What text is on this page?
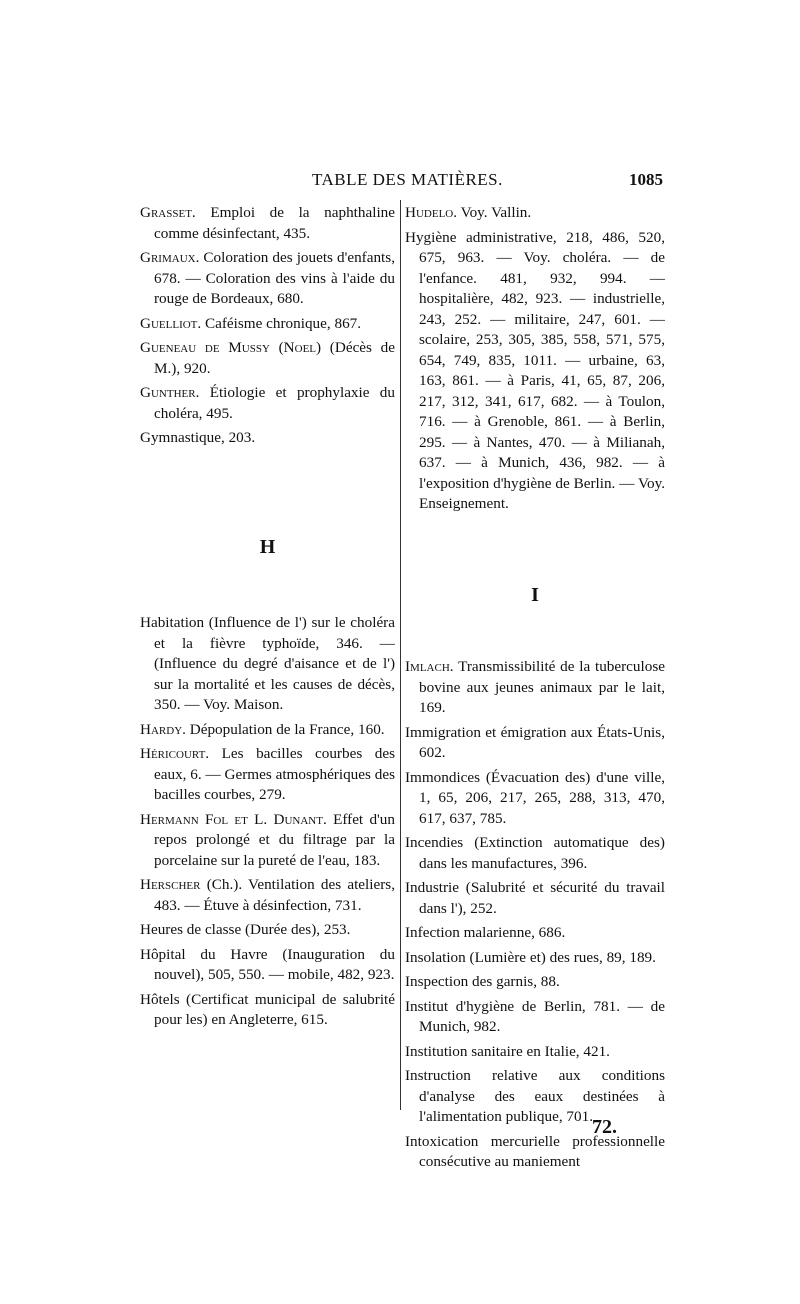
TABLE DES MATIÈRES.	1085
Grasset. Emploi de la naphthaline comme désinfectant, 435.
Grimaux. Coloration des jouets d'enfants, 678. — Coloration des vins à l'aide du rouge de Bordeaux, 680.
Guelliot. Caféisme chronique, 867.
Gueneau de Mussy (Noel) (Décès de M.), 920.
Gunther. Étiologie et prophylaxie du choléra, 495.
Gymnastique, 203.
H
Habitation (Influence de l') sur le choléra et la fièvre typhoïde, 346. — (Influence du degré d'aisance et de l') sur la mortalité et les causes de décès, 350. — Voy. Maison.
Hardy. Dépopulation de la France, 160.
Héricourt. Les bacilles courbes des eaux, 6. — Germes atmosphériques des bacilles courbes, 279.
Hermann Fol et L. Dunant. Effet d'un repos prolongé et du filtrage par la porcelaine sur la pureté de l'eau, 183.
Herscher (Ch.). Ventilation des ateliers, 483. — Étuve à désinfection, 731.
Heures de classe (Durée des), 253.
Hôpital du Havre (Inauguration du nouvel), 505, 550. — mobile, 482, 923.
Hôtels (Certificat municipal de salubrité pour les) en Angleterre, 615.
Hudelo. Voy. Vallin.
Hygiène administrative, 218, 486, 520, 675, 963. — Voy. choléra. — de l'enfance. 481, 932, 994. — hospitalière, 482, 923. — industrielle, 243, 252. — militaire, 247, 601. — scolaire, 253, 305, 385, 558, 571, 575, 654, 749, 835, 1011. — urbaine, 63, 163, 861. — à Paris, 41, 65, 87, 206, 217, 312, 341, 617, 682. — à Toulon, 716. — à Grenoble, 861. — à Berlin, 295. — à Nantes, 470. — à Milianah, 637. — à Munich, 436, 982. — à l'exposition d'hygiène de Berlin. — Voy. Enseignement.
I
Imlach. Transmissibilité de la tuberculose bovine aux jeunes animaux par le lait, 169.
Immigration et émigration aux États-Unis, 602.
Immondices (Évacuation des) d'une ville, 1, 65, 206, 217, 265, 288, 313, 470, 617, 637, 785.
Incendies (Extinction automatique des) dans les manufactures, 396.
Industrie (Salubrité et sécurité du travail dans l'), 252.
Infection malarienne, 686.
Insolation (Lumière et) des rues, 89, 189.
Inspection des garnis, 88.
Institut d'hygiène de Berlin, 781. — de Munich, 982.
Institution sanitaire en Italie, 421.
Instruction relative aux conditions d'analyse des eaux destinées à l'alimentation publique, 701.
Intoxication mercurielle professionnelle consécutive au maniement
72.
